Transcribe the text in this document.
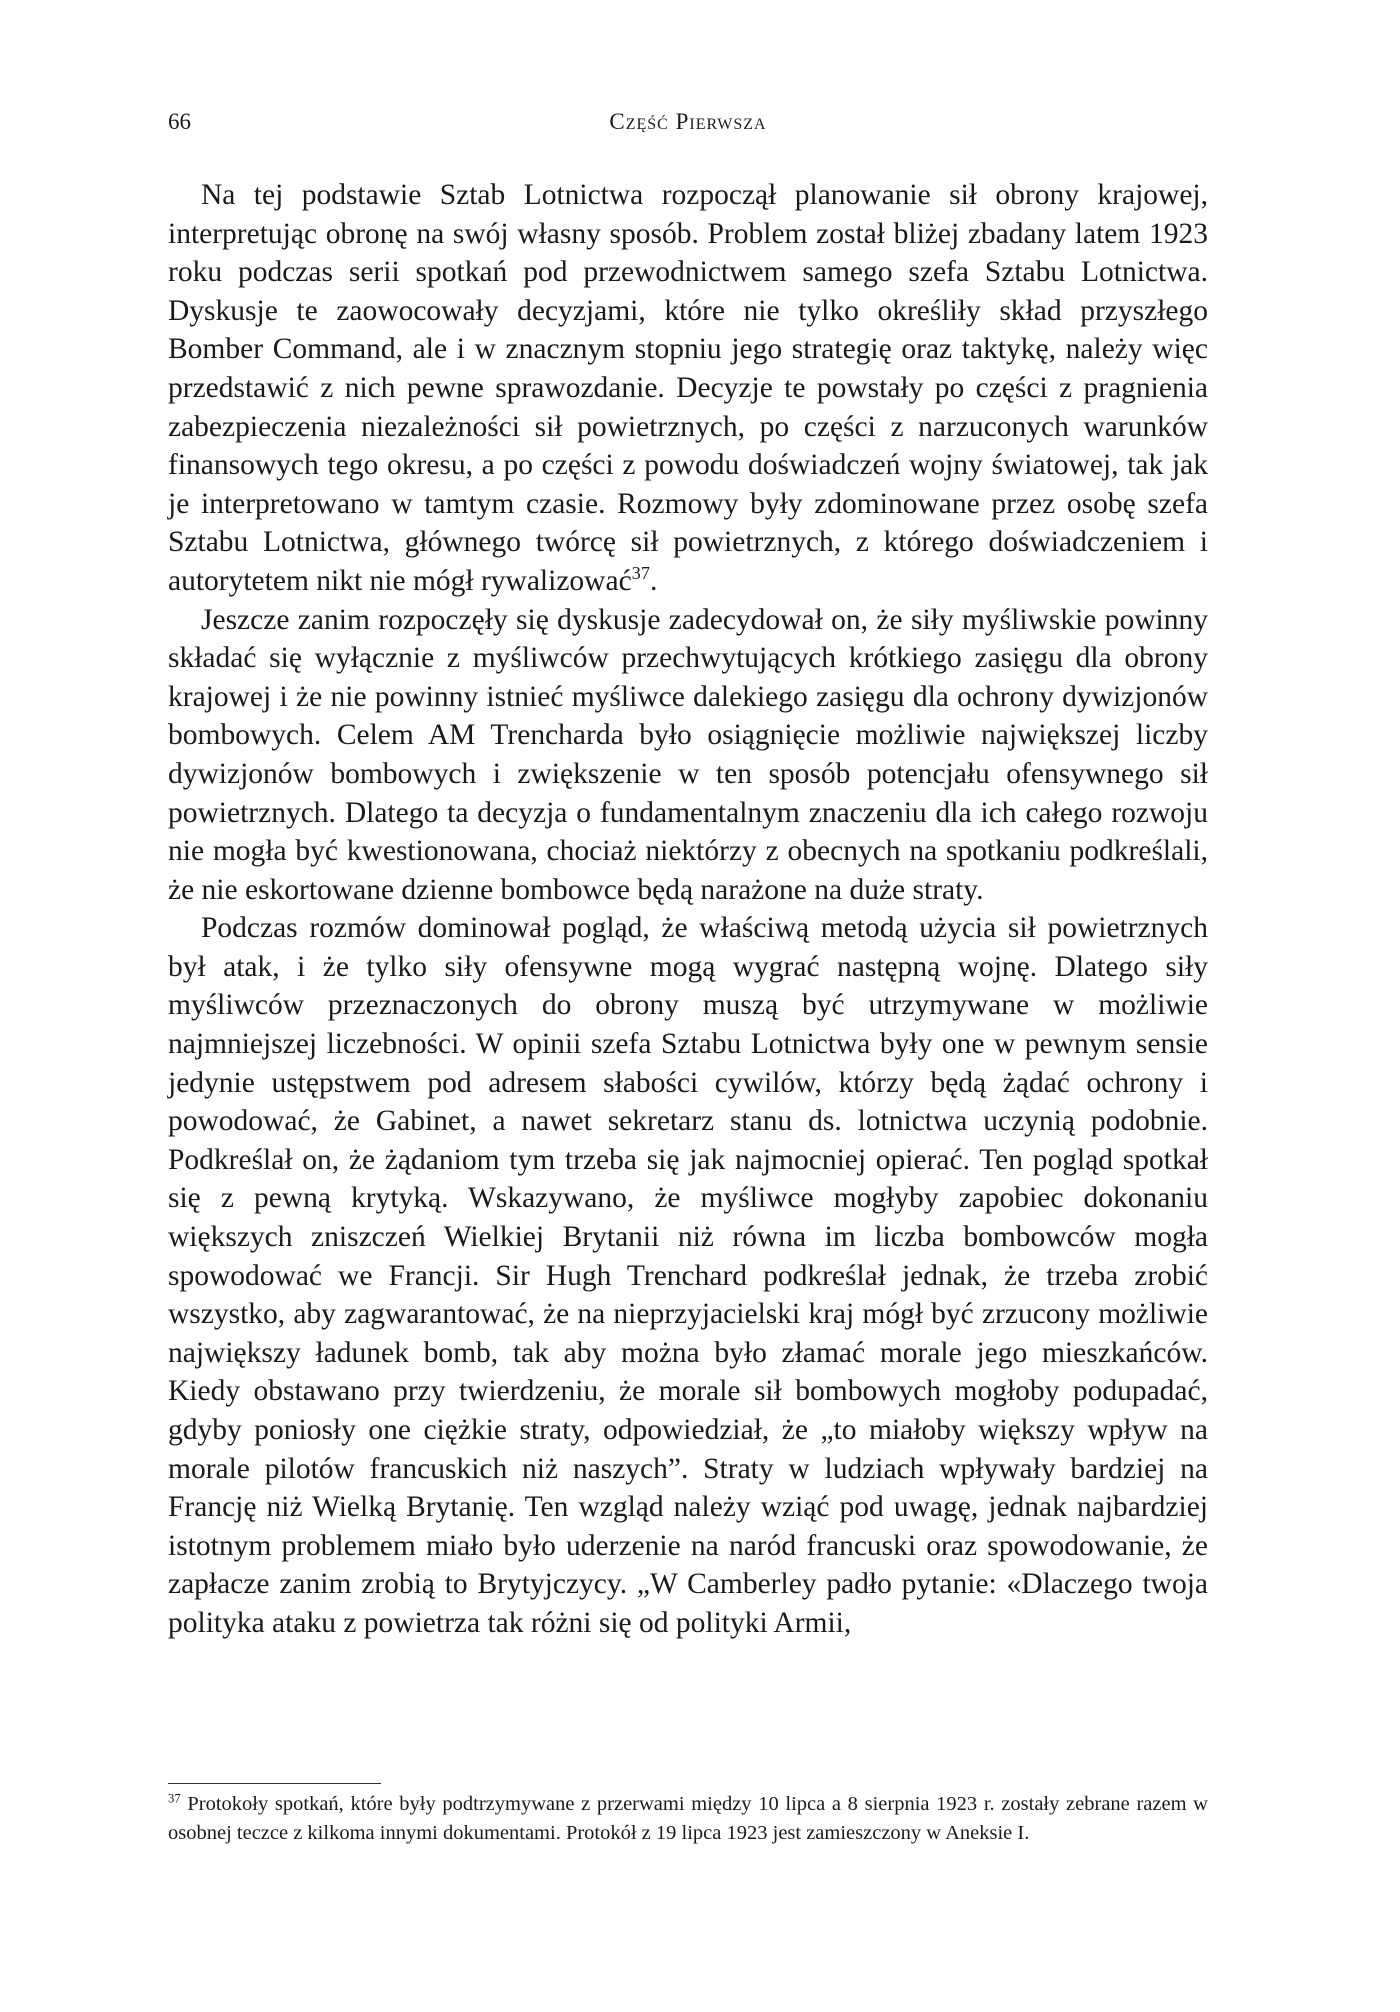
66	Część Pierwsza

Na tej podstawie Sztab Lotnictwa rozpoczął planowanie sił obrony krajowej, interpretując obronę na swój własny sposób. Problem został bliżej zbadany latem 1923 roku podczas serii spotkań pod przewodnictwem samego szefa Sztabu Lotnictwa. Dyskusje te zaowocowały decyzjami, które nie tylko określiły skład przyszłego Bomber Command, ale i w znacznym stopniu jego strategię oraz taktykę, należy więc przedstawić z nich pewne sprawozdanie. Decyzje te powstały po części z pragnienia zabezpieczenia niezależności sił powietrznych, po części z narzuconych warunków finansowych tego okresu, a po części z powodu doświadczeń wojny światowej, tak jak je interpretowano w tamtym czasie. Rozmowy były zdominowane przez osobę szefa Sztabu Lotnictwa, głównego twórcę sił powietrznych, z którego doświadczeniem i autorytetem nikt nie mógł rywalizować$^{37}$.

Jeszcze zanim rozpoczęły się dyskusje zadecydował on, że siły myśliwskie powinny składać się wyłącznie z myśliwców przechwytujących krótkiego zasięgu dla obrony krajowej i że nie powinny istnieć myśliwce dalekiego zasięgu dla ochrony dywizjonów bombowych. Celem AM Trencharda było osiągnięcie możliwie największej liczby dywizjonów bombowych i zwiększenie w ten sposób potencjału ofensywnego sił powietrznych. Dlatego ta decyzja o fundamentalnym znaczeniu dla ich całego rozwoju nie mogła być kwestionowana, chociaż niektórzy z obecnych na spotkaniu podkreślali, że nie eskortowane dzienne bombowce będą narażone na duże straty.

Podczas rozmów dominował pogląd, że właściwą metodą użycia sił powietrznych był atak, i że tylko siły ofensywne mogą wygrać następną wojnę. Dlatego siły myśliwców przeznaczonych do obrony muszą być utrzymywane w możliwie najmniejszej liczebności. W opinii szefa Sztabu Lotnictwa były one w pewnym sensie jedynie ustępstwem pod adresem słabości cywilów, którzy będą żądać ochrony i powodować, że Gabinet, a nawet sekretarz stanu ds. lotnictwa uczynią podobnie. Podkreślał on, że żądaniom tym trzeba się jak najmocniej opierać. Ten pogląd spotkał się z pewną krytyką. Wskazywano, że myśliwce mogłyby zapobiec dokonaniu większych zniszczeń Wielkiej Brytanii niż równa im liczba bombowców mogła spowodować we Francji. Sir Hugh Trenchard podkreślał jednak, że trzeba zrobić wszystko, aby zagwarantować, że na nieprzyjacielski kraj mógł być zrzucony możliwie największy ładunek bomb, tak aby można było złamać morale jego mieszkańców. Kiedy obstawano przy twierdzeniu, że morale sił bombowych mogłoby podupadać, gdyby poniosły one ciężkie straty, odpowiedział, że „to miałoby większy wpływ na morale pilotów francuskich niż naszych”. Straty w ludziach wpływały bardziej na Francję niż Wielką Brytanię. Ten wzgląd należy wziąć pod uwagę, jednak najbardziej istotnym problemem miało było uderzenie na naród francuski oraz spowodowanie, że zapłacze zanim zrobią to Brytyjczycy. „W Camberley padło pytanie: «Dlaczego twoja polityka ataku z powietrza tak różni się od polityki Armii,

$^{37}$ Protokoły spotkań, które były podtrzymywane z przerwami między 10 lipca a 8 sierpnia 1923 r. zostały zebrane razem w osobnej teczce z kilkoma innymi dokumentami. Protokół z 19 lipca 1923 jest zamieszczony w Aneksie I.
